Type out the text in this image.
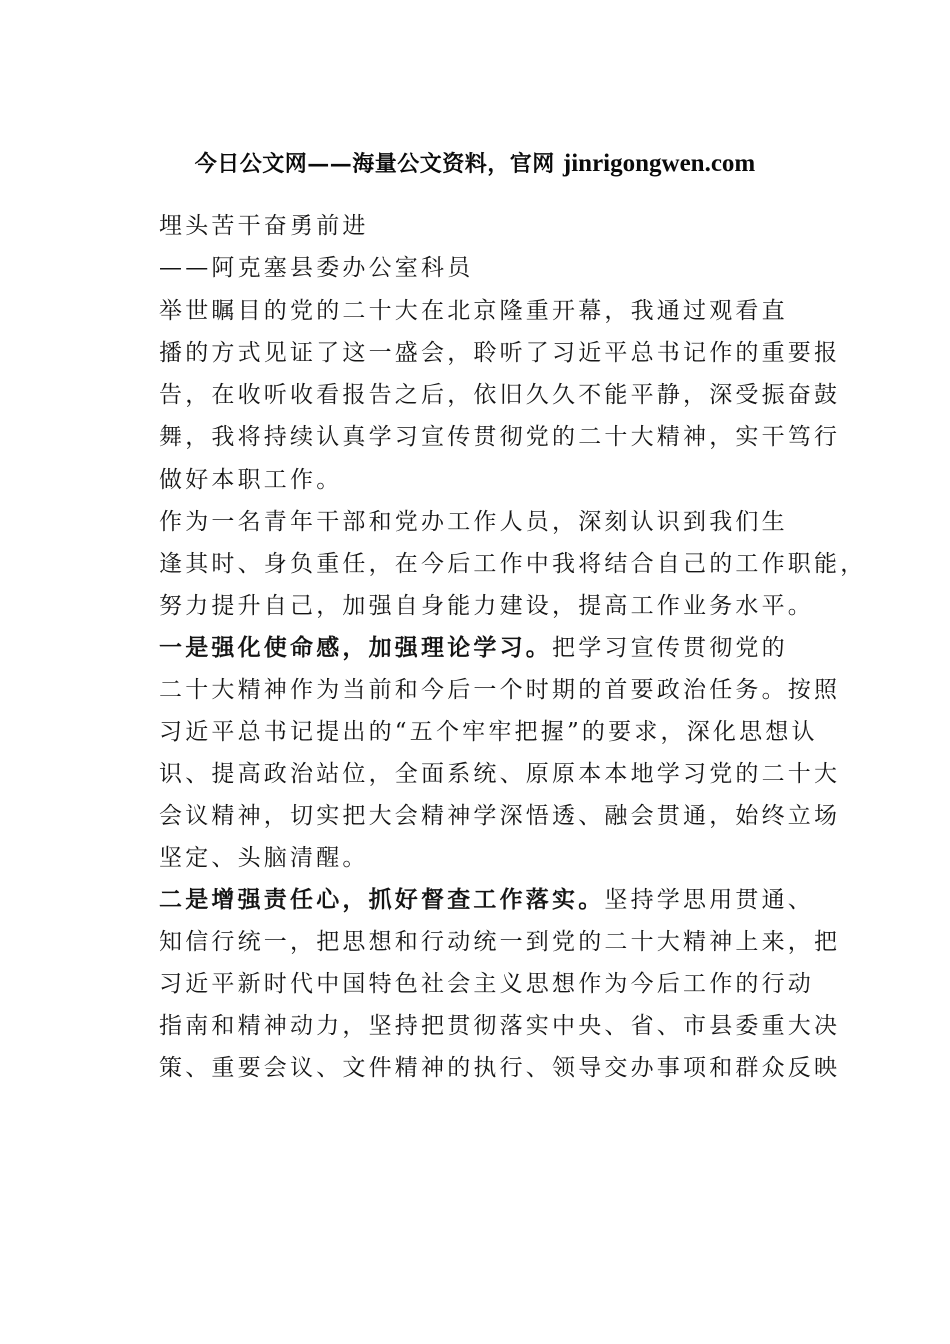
今日公文网——海量公文资料，官网 jinrigongwen.com
埋头苦干奋勇前进
——阿克塞县委办公室科员
举世瞩目的党的二十大在北京隆重开幕，我通过观看直
播的方式见证了这一盛会，聆听了习近平总书记作的重要报
告，在收听收看报告之后，依旧久久不能平静，深受振奋鼓
舞，我将持续认真学习宣传贯彻党的二十大精神，实干笃行
做好本职工作。
作为一名青年干部和党办工作人员，深刻认识到我们生
逢其时、身负重任，在今后工作中我将结合自己的工作职能，
努力提升自己，加强自身能力建设，提高工作业务水平。
一是强化使命感，加强理论学习。把学习宣传贯彻党的
二十大精神作为当前和今后一个时期的首要政治任务。按照
习近平总书记提出的“五个牢牢把握”的要求，深化思想认
识、提高政治站位，全面系统、原原本本地学习党的二十大
会议精神，切实把大会精神学深悟透、融会贯通，始终立场
坚定、头脑清醒。
二是增强责任心，抓好督查工作落实。坚持学思用贯通、
知信行统一，把思想和行动统一到党的二十大精神上来，把
习近平新时代中国特色社会主义思想作为今后工作的行动
指南和精神动力，坚持把贯彻落实中央、省、市县委重大决
策、重要会议、文件精神的执行、领导交办事项和群众反映
